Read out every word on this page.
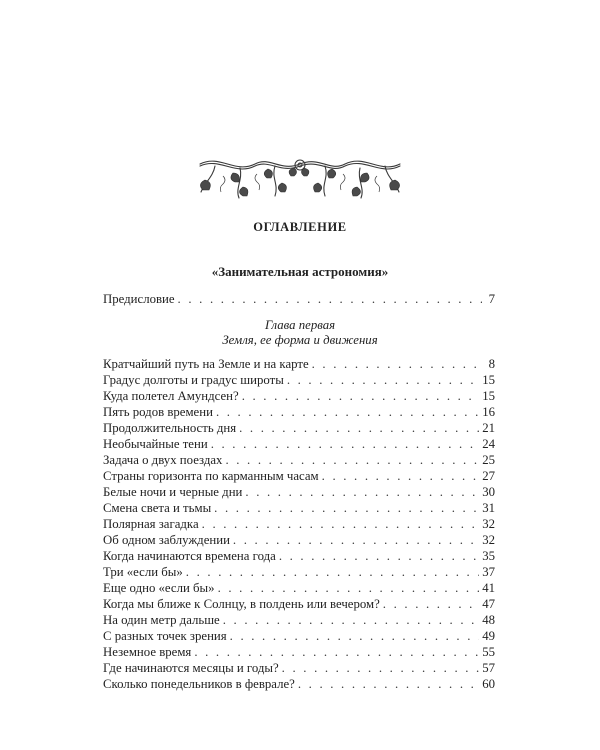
ОГЛАВЛЕНИЕ
«Занимательная астрономия»
Предисловие . . .	7
Глава первая
Земля, ее форма и движения
Кратчайший путь на Земле и на карте . . .	8
Градус долготы и градус широты . . .	15
Куда полетел Амундсен? . . .	15
Пять родов времени . . .	16
Продолжительность дня . . .	21
Необычайные тени . . .	24
Задача о двух поездах . . .	25
Страны горизонта по карманным часам . . .	27
Белые ночи и черные дни . . .	30
Смена света и тьмы . . .	31
Полярная загадка . . .	32
Об одном заблуждении . . .	32
Когда начинаются времена года . . .	35
Три «если бы» . . .	37
Еще одно «если бы» . . .	41
Когда мы ближе к Солнцу, в полдень или вечером? . . .	47
На один метр дальше . . .	48
С разных точек зрения . . .	49
Неземное время . . .	55
Где начинаются месяцы и годы? . . .	57
Сколько понедельников в феврале? . . .	60
